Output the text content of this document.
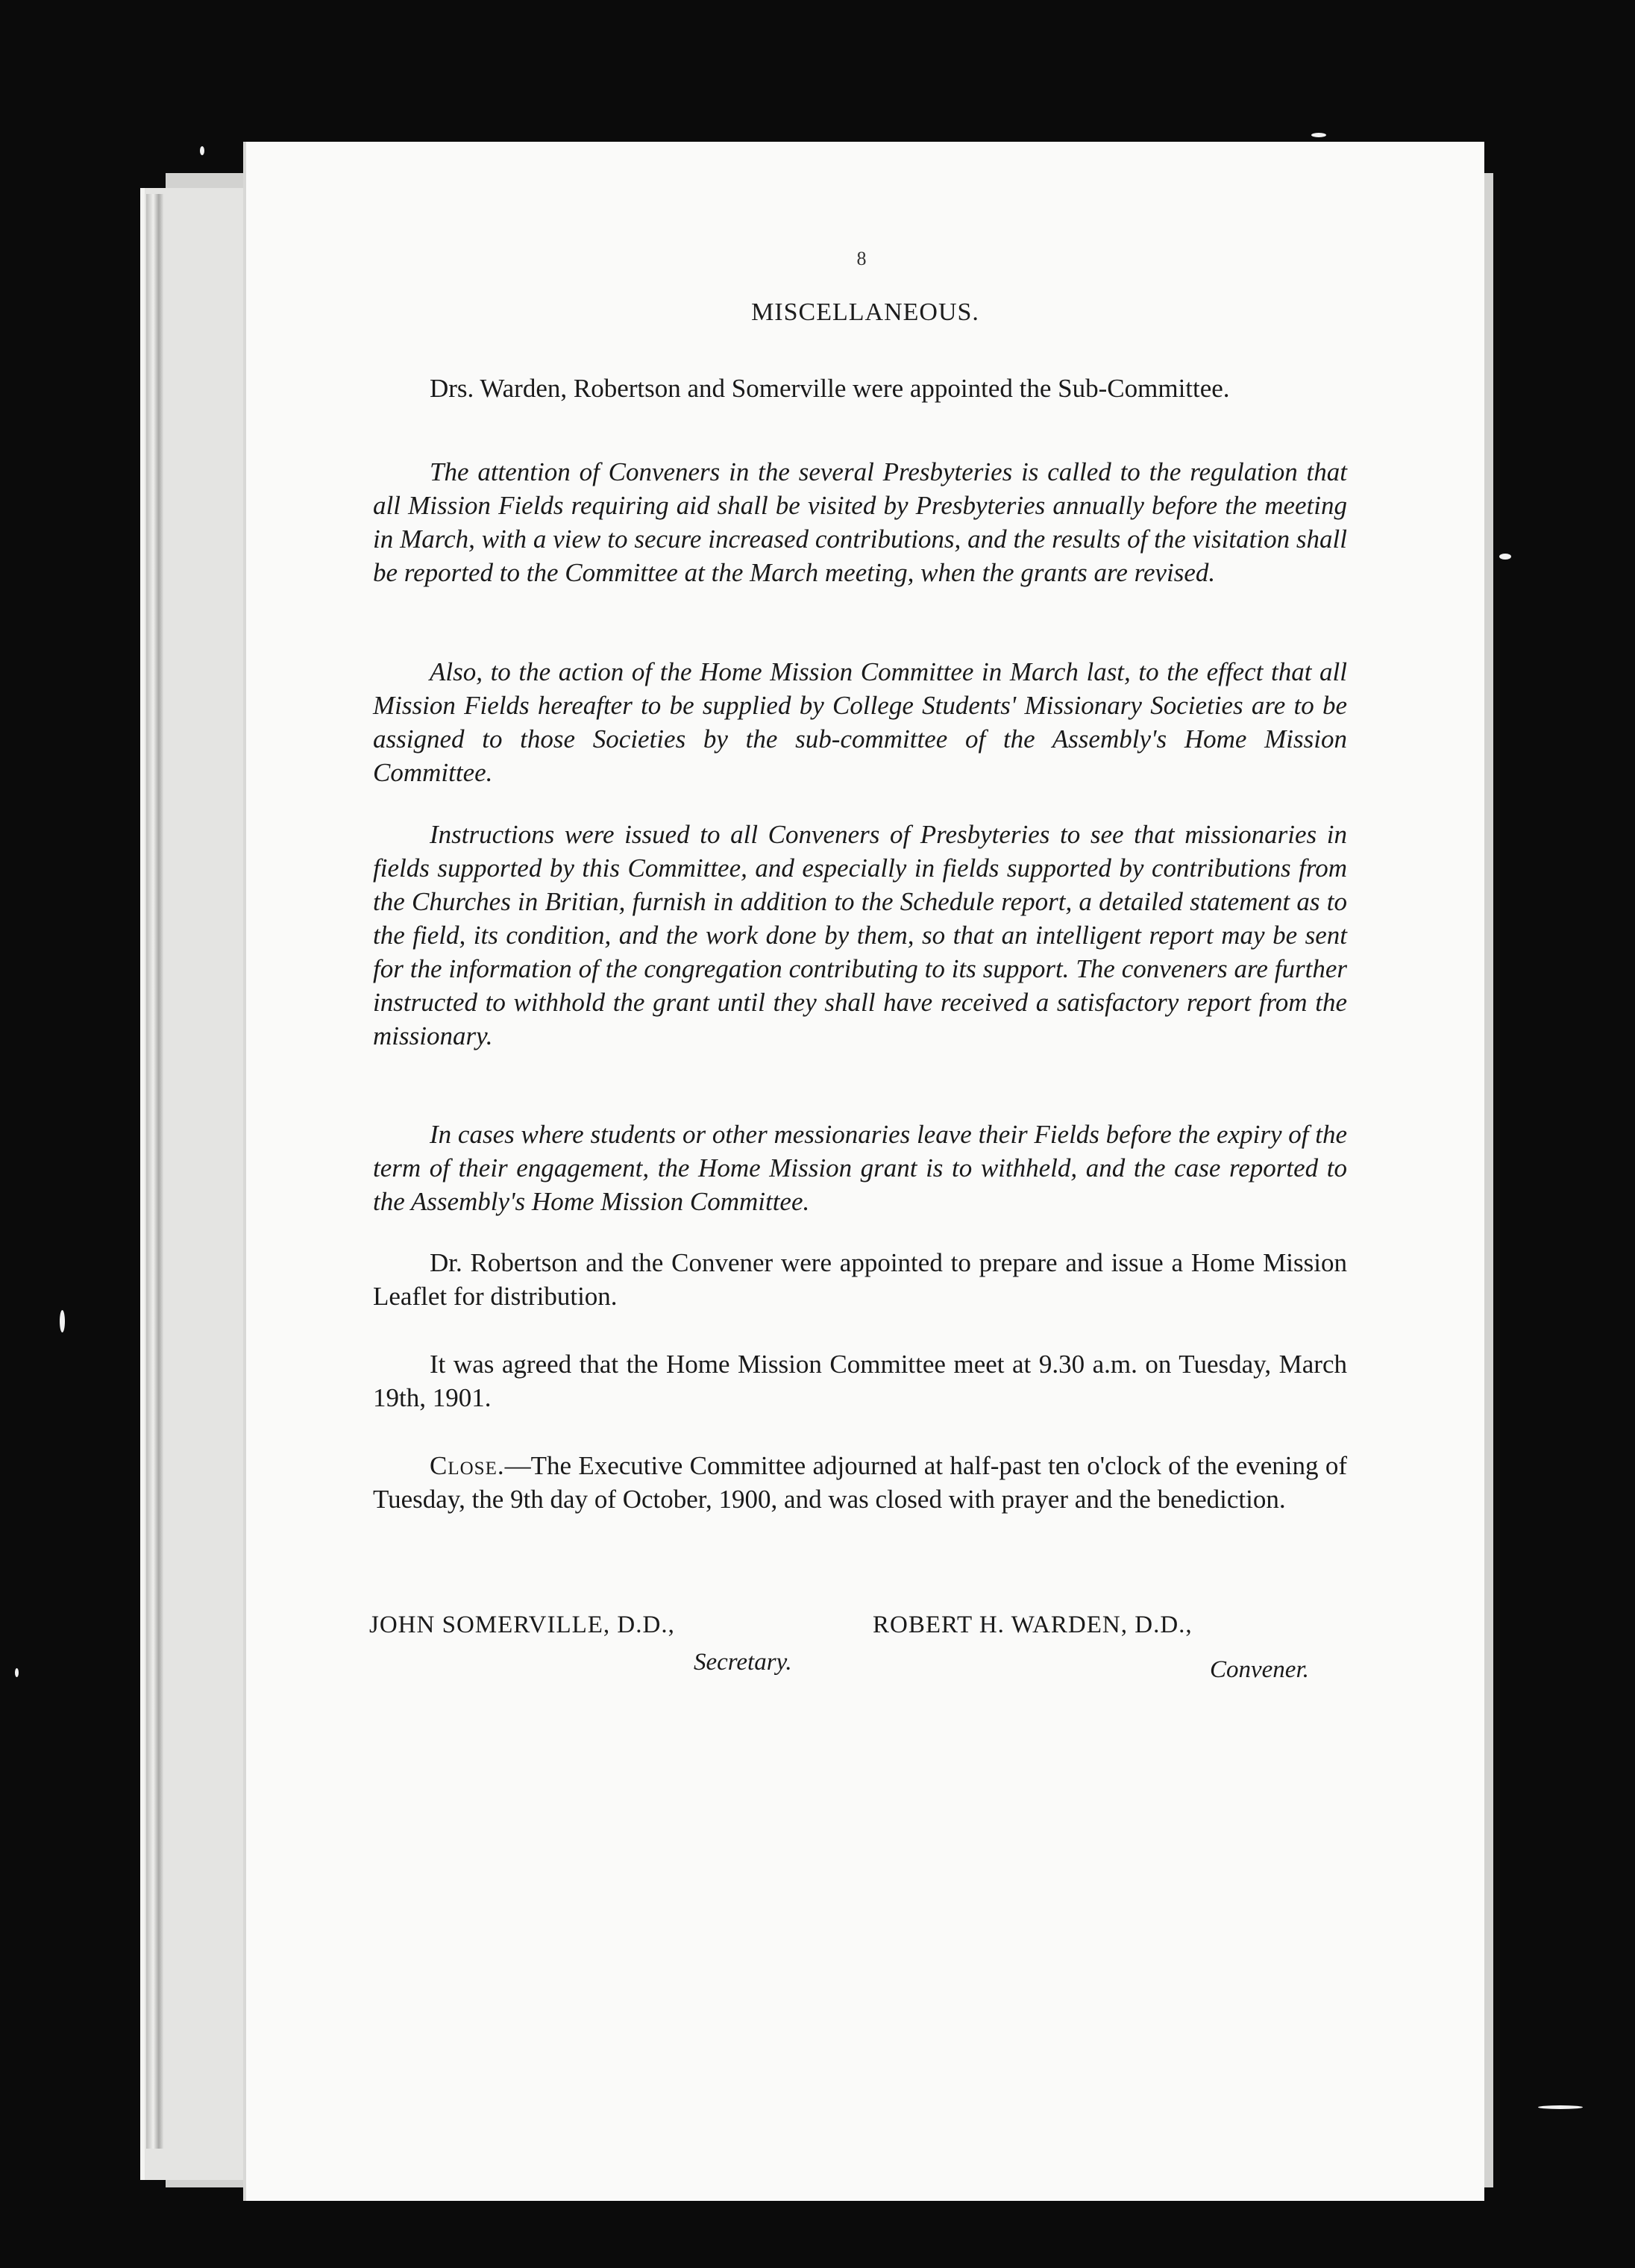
8
MISCELLANEOUS.

Drs. Warden, Robertson and Somerville were appointed the Sub-Committee.

The attention of Conveners in the several Presbyteries is called to the regulation that all Mission Fields requiring aid shall be visited by Presbyteries annually before the meeting in March, with a view to secure increased contributions, and the results of the visitation shall be reported to the Committee at the March meeting, when the grants are revised.

Also, to the action of the Home Mission Committee in March last, to the effect that all Mission Fields hereafter to be supplied by College Students' Missionary Societies are to be assigned to those Societies by the sub-committee of the Assembly's Home Mission Committee.

Instructions were issued to all Conveners of Presbyteries to see that missionaries in fields supported by this Committee, and especially in fields supported by contributions from the Churches in Britian, furnish in addition to the Schedule report, a detailed statement as to the field, its condition, and the work done by them, so that an intelligent report may be sent for the information of the congregation contributing to its support. The conveners are further instructed to withhold the grant until they shall have received a satisfactory report from the missionary.

In cases where students or other messionaries leave their Fields before the expiry of the term of their engagement, the Home Mission grant is to withheld, and the case reported to the Assembly's Home Mission Committee.

Dr. Robertson and the Convener were appointed to prepare and issue a Home Mission Leaflet for distribution.

It was agreed that the Home Mission Committee meet at 9.30 a.m. on Tuesday, March 19th, 1901.

Close.—The Executive Committee adjourned at half-past ten o'clock of the evening of Tuesday, the 9th day of October, 1900, and was closed with prayer and the benediction.

JOHN SOMERVILLE, D.D.,
Secretary.
ROBERT H. WARDEN, D.D.,
Convener.
